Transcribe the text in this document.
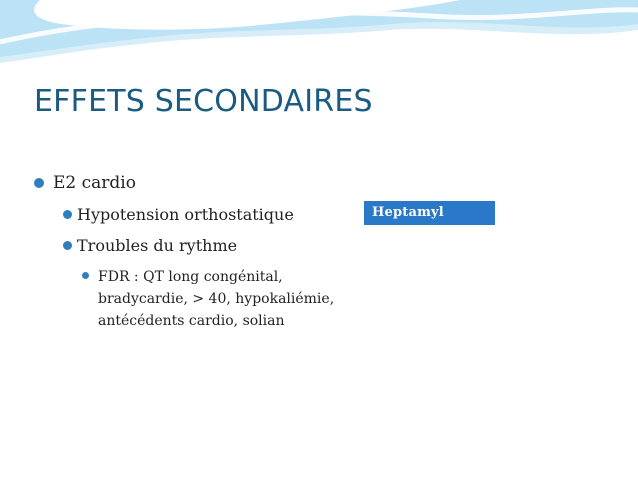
EFFETS SECONDAIRES
E2 cardio
Hypotension orthostatique
Troubles du rythme
FDR : QT long congénital,
bradycardie, > 40, hypokaliémie,
antécédents cardio, solian
Heptamyl
